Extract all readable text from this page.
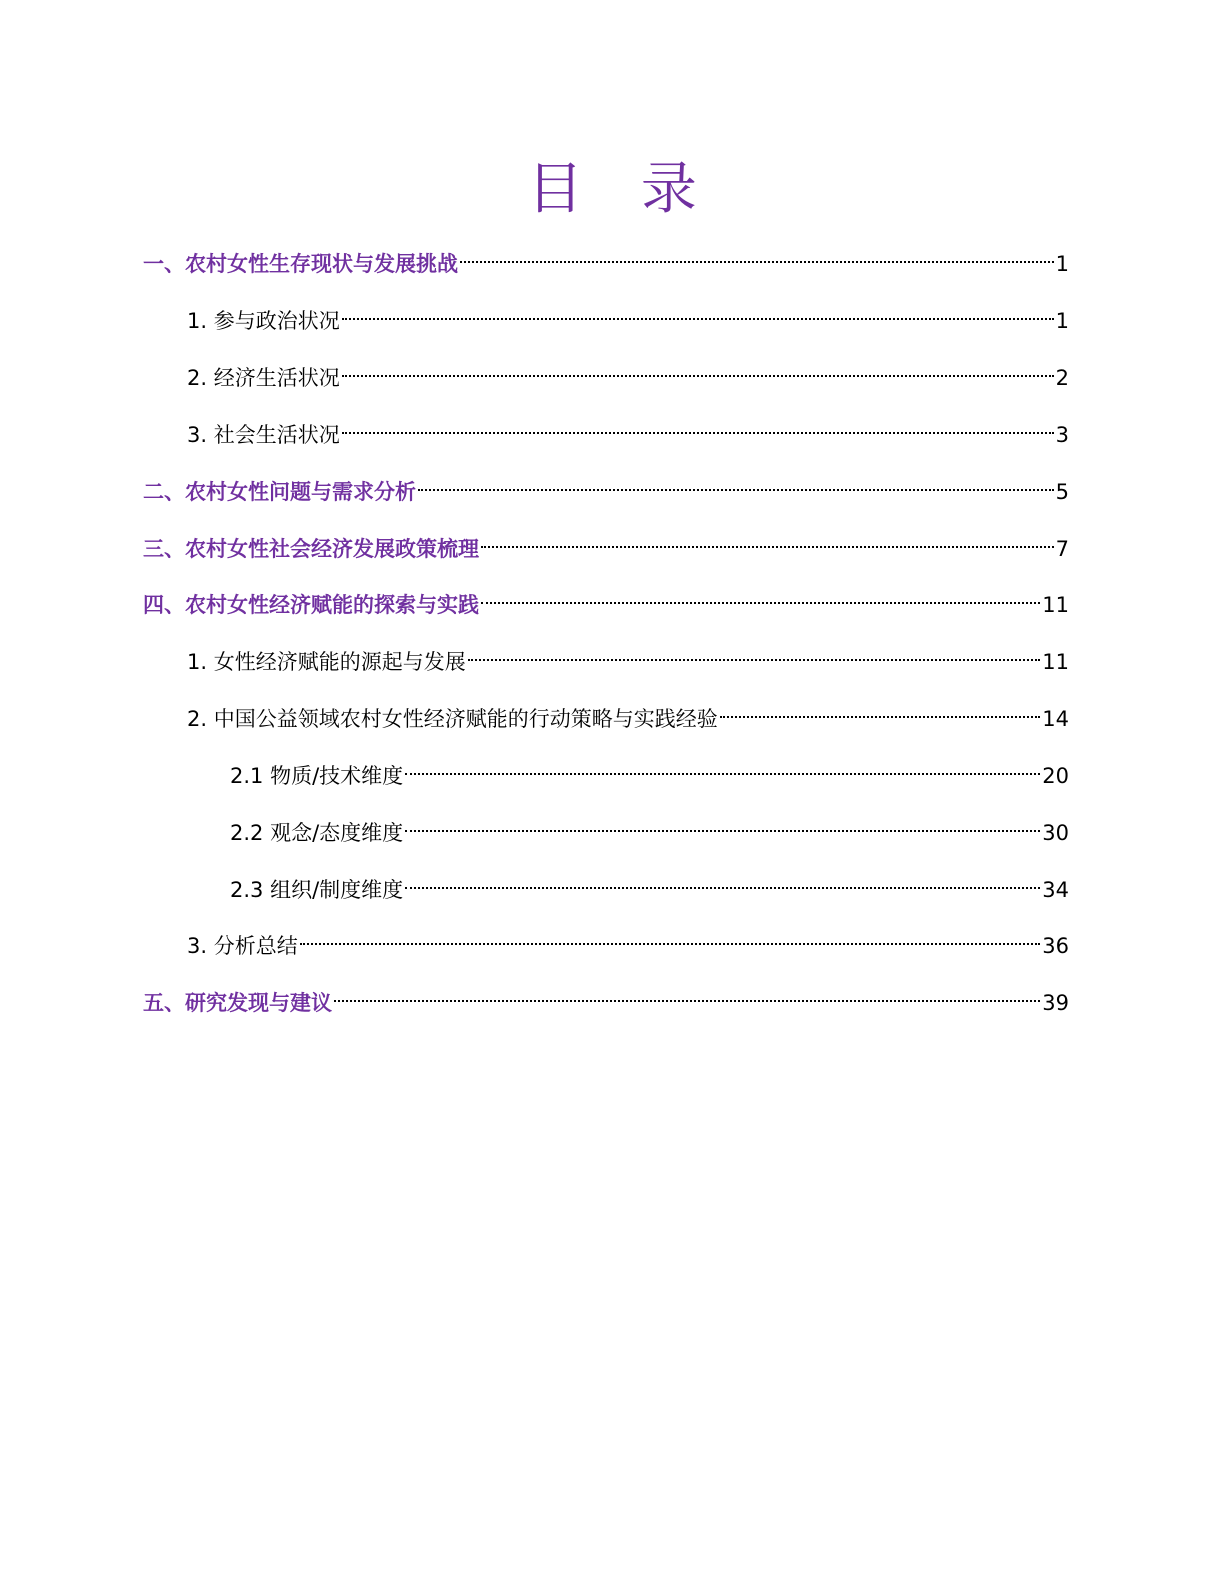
目 录
一、农村女性生存现状与发展挑战	1
1. 参与政治状况	1
2. 经济生活状况	2
3. 社会生活状况	3
二、农村女性问题与需求分析	5
三、农村女性社会经济发展政策梳理	7
四、农村女性经济赋能的探索与实践	11
1. 女性经济赋能的源起与发展	11
2. 中国公益领域农村女性经济赋能的行动策略与实践经验	14
2.1 物质/技术维度	20
2.2 观念/态度维度	30
2.3 组织/制度维度	34
3. 分析总结	36
五、研究发现与建议	39
